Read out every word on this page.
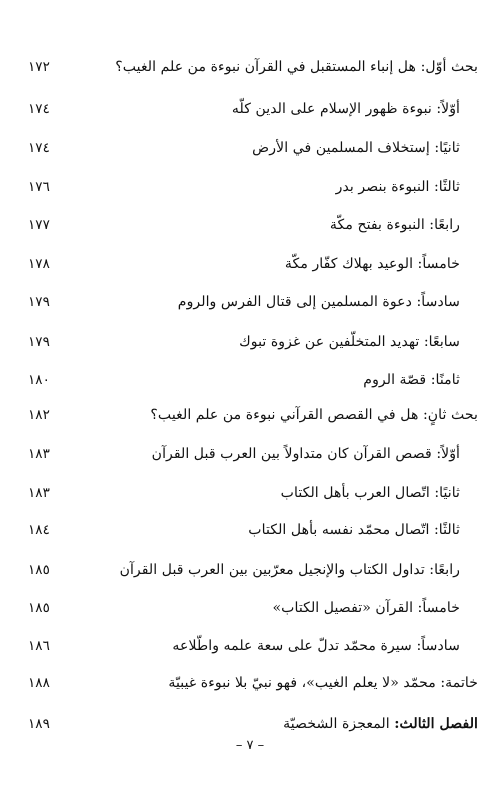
بحث أوّل: هل إنباء المستقبل في القرآن نبوءة من علم الغيب؟
١٧٢
أوّلاً: نبوءة ظهور الإسلام على الدين كلّه
١٧٤
ثانيًا: إستخلاف المسلمين في الأرض
١٧٤
ثالثًا: النبوءة بنصر بدر
١٧٦
رابعًا: النبوءة بفتح مكّة
١٧٧
خامساً: الوعيد بهلاك كفّار مكّة
١٧٨
سادساً: دعوة المسلمين إلى قتال الفرس والروم
١٧٩
سابعًا: تهديد المتخلّفين عن غزوة تبوك
١٧٩
ثامنًا: قصّة الروم
١٨٠
بحث ثانٍ: هل في القصص القرآني نبوءة من علم الغيب؟
١٨٢
أوّلاً: قصص القرآن كان متداولاً بين العرب قبل القرآن
١٨٣
ثانيًا: اتّصال العرب بأهل الكتاب
١٨٣
ثالثًا: اتّصال محمّد نفسه بأهل الكتاب
١٨٤
رابعًا: تداول الكتاب والإنجيل معرّبين بين العرب قبل القرآن
١٨٥
خامساً: القرآن «تفصيل الكتاب»
١٨٥
سادساً: سيرة محمّد تدلّ على سعة علمه واطّلاعه
١٨٦
خاتمة: محمّد «لا يعلم الغيب»، فهو نبيّ بلا نبوءة غيبيّة
١٨٨
الفصل الثالث: المعجزة الشخصيّة
١٨٩
– ٧ –
